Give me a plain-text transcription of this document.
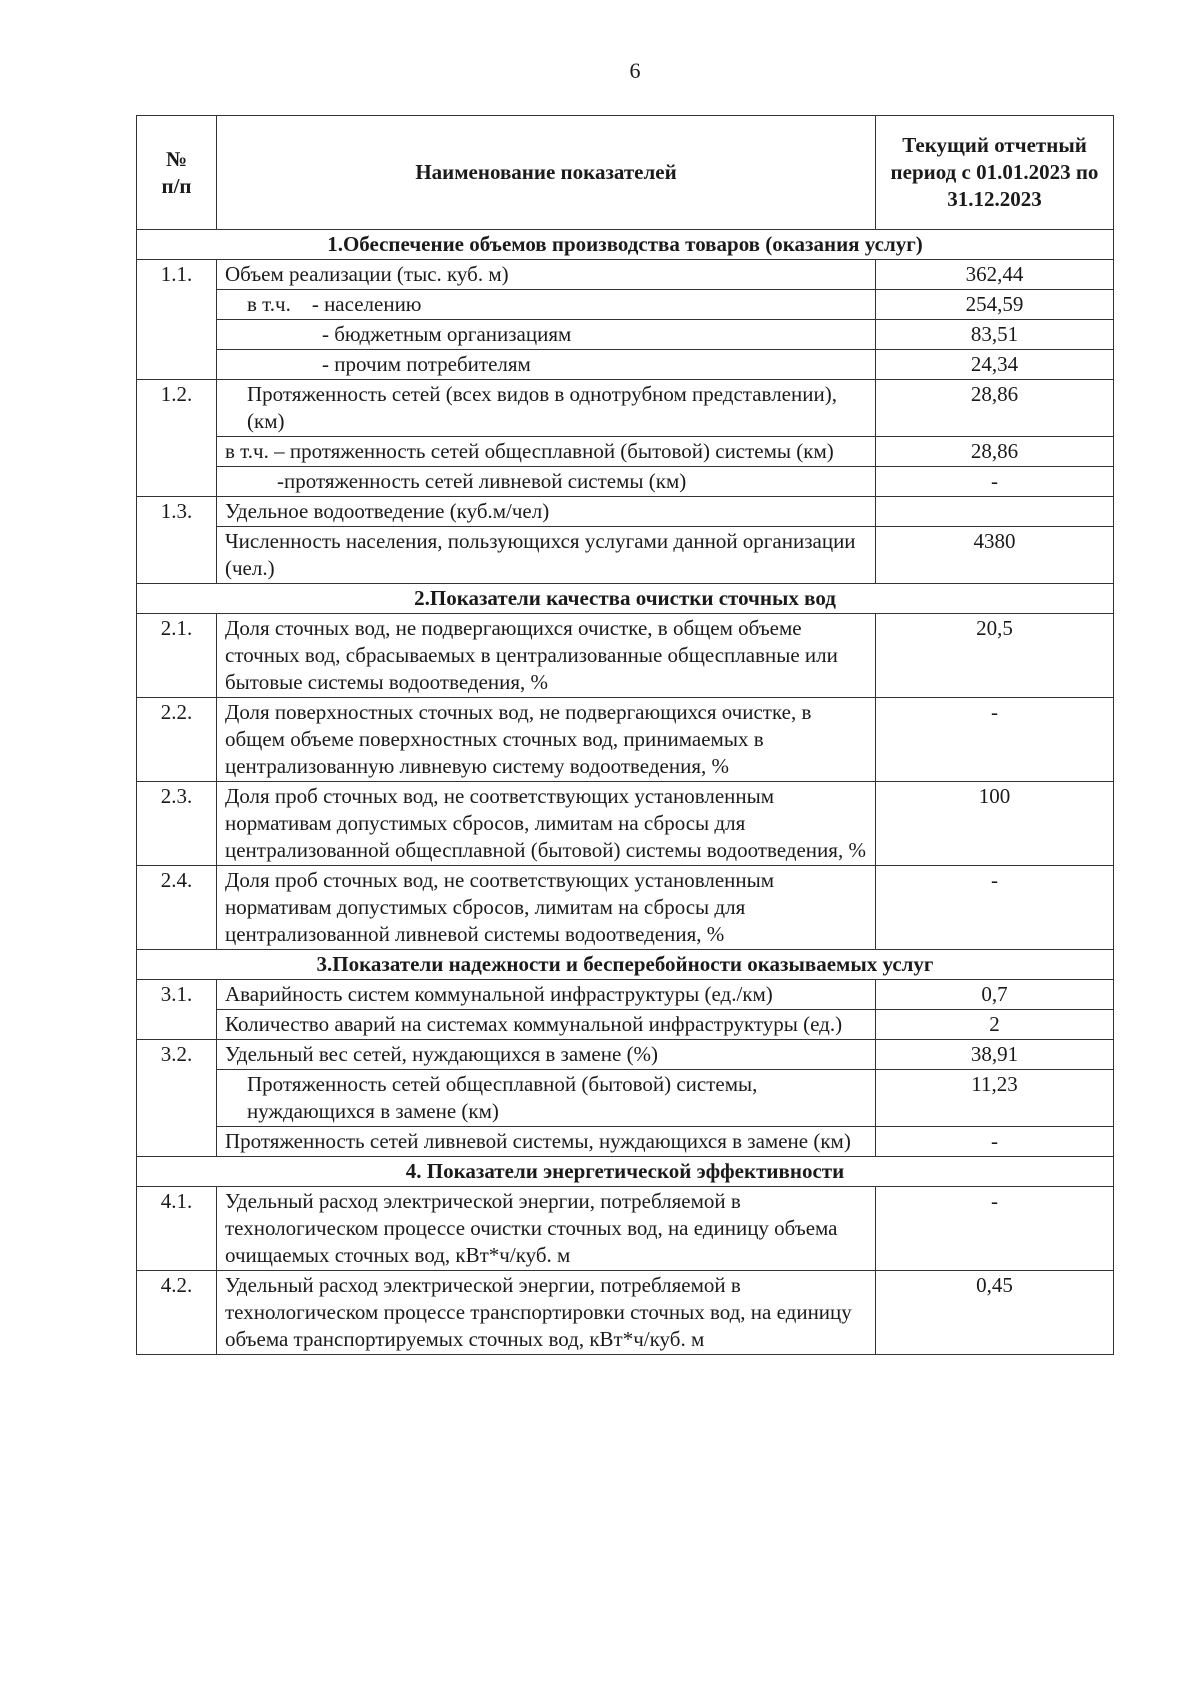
6
№
п/п	Наименование показателей	Текущий отчетный период с 01.01.2023 по 31.12.2023
1.Обеспечение объемов производства товаров (оказания услуг)		
1.1.	Объем реализации (тыс. куб. м)	362,44
	в т.ч.    - населению	254,59
	- бюджетным организациям	83,51
	- прочим потребителям	24,34
1.2.	Протяженность сетей (всех видов в однотрубном представлении), (км)	28,86
	в т.ч. – протяженность сетей общесплавной (бытовой) системы (км)	28,86
	-протяженность сетей ливневой системы (км)	-
1.3.	Удельное водоотведение (куб.м/чел)	
	Численность населения, пользующихся услугами данной организации (чел.)	4380
2.Показатели качества очистки сточных вод		
2.1.	Доля сточных вод, не подвергающихся очистке, в общем объеме сточных вод, сбрасываемых в централизованные общесплавные или бытовые системы водоотведения, %	20,5
2.2.	Доля поверхностных сточных вод, не подвергающихся очистке, в общем объеме поверхностных сточных вод, принимаемых в централизованную ливневую систему водоотведения, %	-
2.3.	Доля проб сточных вод, не соответствующих установленным нормативам допустимых сбросов, лимитам на сбросы для централизованной общесплавной (бытовой) системы водоотведения, %	100
2.4.	Доля проб сточных вод, не соответствующих установленным нормативам допустимых сбросов, лимитам на сбросы для централизованной ливневой системы водоотведения, %	-
3.Показатели надежности и бесперебойности оказываемых услуг		
3.1.	Аварийность систем коммунальной инфраструктуры (ед./км)	0,7
	Количество аварий на системах коммунальной инфраструктуры (ед.)	2
3.2.	Удельный вес сетей, нуждающихся в замене (%)	38,91
	Протяженность сетей общесплавной (бытовой) системы, нуждающихся в замене (км)	11,23
	Протяженность сетей ливневой системы, нуждающихся в замене (км)	-
4. Показатели энергетической эффективности		
4.1.	Удельный расход электрической энергии, потребляемой в технологическом процессе очистки сточных вод, на единицу объема очищаемых сточных вод, кВт*ч/куб. м	-
4.2.	Удельный расход электрической энергии, потребляемой в технологическом процессе транспортировки сточных вод, на единицу объема транспортируемых сточных вод, кВт*ч/куб. м	0,45
